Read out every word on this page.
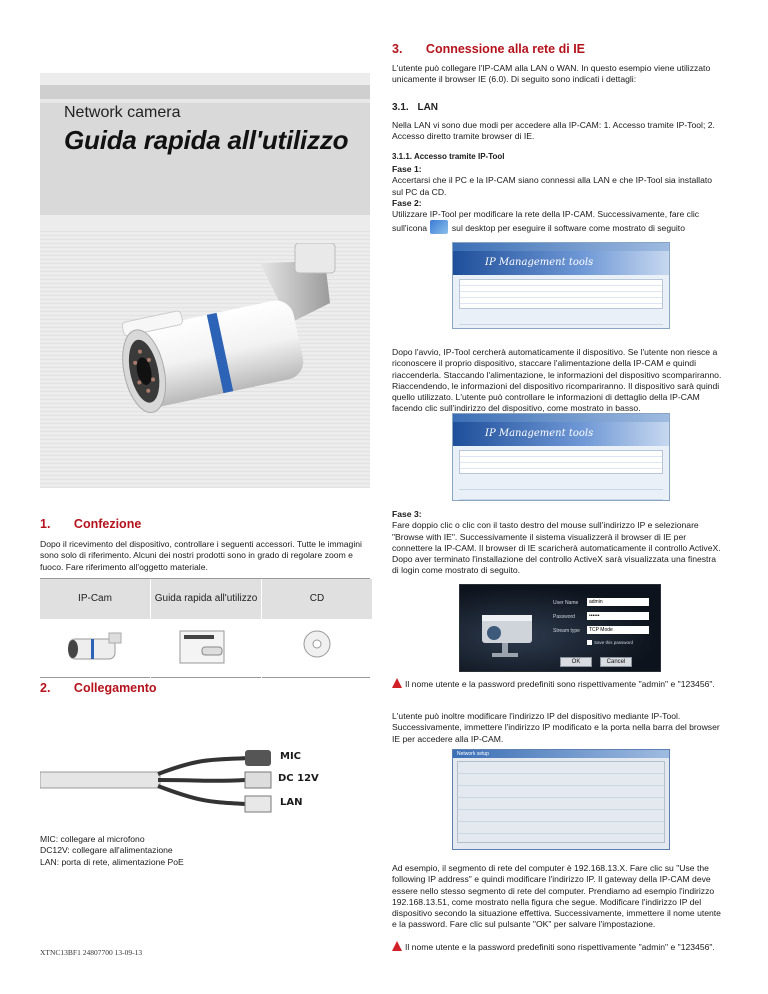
Network camera
Guida rapida all'utilizzo
1. Confezione

Dopo il ricevimento del dispositivo, controllare i seguenti accessori. Tutte le immagini sono solo di riferimento. Alcuni dei nostri prodotti sono in grado di regolare zoom e fuoco. Fare riferimento all'oggetto materiale.

IP-Cam	Guida rapida all'utilizzo	CD
2. Collegamento
MIC
DC 12V
LAN

MIC: collegare al microfono

DC12V: collegare all'alimentazione

LAN: porta di rete, alimentazione PoE

XTNC13BF1 24807700 13-09-13
3. Connessione alla rete di IE

L'utente può collegare l'IP-CAM alla LAN o WAN. In questo esempio viene utilizzato unicamente il browser IE (6.0). Di seguito sono indicati i dettagli:

3.1. LAN

Nella LAN vi sono due modi per accedere alla IP-CAM: 1. Accesso tramite IP-Tool; 2. Accesso diretto tramite browser di IE.

3.1.1. Accesso tramite IP-Tool

Fase 1:

Accertarsi che il PC e la IP-CAM siano connessi alla LAN e che IP-Tool sia installato sul PC da CD.

Fase 2:

Utilizzare IP-Tool per modificare la rete della IP-CAM. Successivamente, fare clic sull'icona	sul desktop per eseguire il software come mostrato di seguito

IP Management tools

Dopo l'avvio, IP-Tool cercherà automaticamente il dispositivo. Se l'utente non riesce a riconoscere il proprio dispositivo, staccare l'alimentazione della IP-CAM e quindi riaccenderla. Staccando l'alimentazione, le informazioni del dispositivo scompariranno. Riaccendendo, le informazioni del dispositivo ricompariranno. Il dispositivo sarà quindi quello utilizzato. L'utente può controllare le informazioni di dettaglio della IP-CAM facendo clic sull'indirizzo del dispositivo, come mostrato in basso.

IP Management tools

Fase 3:

Fare doppio clic o clic con il tasto destro del mouse sull'indirizzo IP e selezionare "Browse with IE". Successivamente il sistema visualizzerà il browser di IE per connettere la IP-CAM. Il browser di IE scaricherà automaticamente il controllo ActiveX. Dopo aver terminato l'installazione del controllo ActiveX sarà visualizzata una finestra di login come mostrato di seguito.

User Name	admin
Password	••••••
Stream type	TCP Mode
Save this password
OK	Cancel

Il nome utente e la password predefiniti sono rispettivamente "admin" e "123456".

L'utente può inoltre modificare l'indirizzo IP del dispositivo mediante IP-Tool. Successivamente, immettere l'indirizzo IP modificato e la porta nella barra del browser IE per accedere alla IP-CAM.

Network setup

Ad esempio, il segmento di rete del computer è 192.168.13.X. Fare clic su "Use the following IP address" e quindi modificare l'indirizzo IP. Il gateway della IP-CAM deve essere nello stesso segmento di rete del computer. Prendiamo ad esempio l'indirizzo 192.168.13.51, come mostrato nella figura che segue. Modificare l'indirizzo IP del dispositivo secondo la situazione effettiva. Successivamente, immettere il nome utente e la password. Fare clic sul pulsante "OK" per salvare l'impostazione.

Il nome utente e la password predefiniti sono rispettivamente "admin" e "123456".
